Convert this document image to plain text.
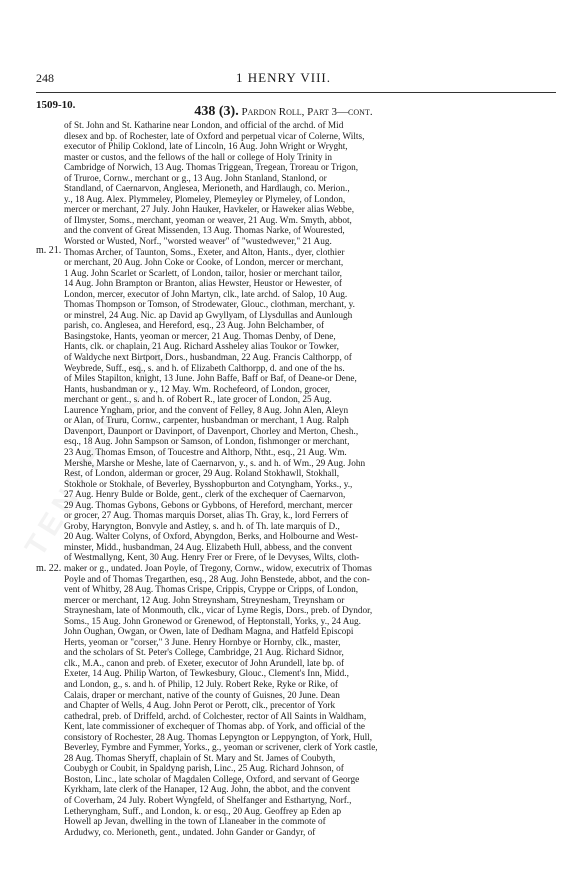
248	1 HENRY VIII.
1509-10.	438 (3). Pardon Roll, Part 3—cont.
m. 21.
m. 22.
of St. John and St. Katharine near London, and official of the archd. of Mid
dlesex and bp. of Rochester, late of Oxford and perpetual vicar of Colerne, Wilts,
executor of Philip Coklond, late of Lincoln, 16 Aug. John Wright or Wryght,
master or custos, and the fellows of the hall or college of Holy Trinity in
Cambridge of Norwich, 13 Aug. Thomas Triggean, Tregean, Troreau or Trigon,
of Truroe, Cornw., merchant or g., 13 Aug. John Stanland, Stanlond, or
Standland, of Caernarvon, Anglesea, Merioneth, and Hardlaugh, co. Merion.,
y., 18 Aug. Alex. Plymmeley, Plomeley, Plemeyley or Plymeley, of London,
mercer or merchant, 27 July. John Hauker, Havkeler, or Haweker alias Webbe,
of Ilmyster, Soms., merchant, yeoman or weaver, 21 Aug. Wm. Smyth, abbot,
and the convent of Great Missenden, 13 Aug. Thomas Narke, of Wourested,
Worsted or Wusted, Norf., "worsted weaver" of "wustedwever," 21 Aug.
Thomas Archer, of Taunton, Soms., Exeter, and Alton, Hants., dyer, clothier
or merchant, 20 Aug. John Coke or Cooke, of London, mercer or merchant,
1 Aug. John Scarlet or Scarlett, of London, tailor, hosier or merchant tailor,
14 Aug. John Brampton or Branton, alias Hewster, Heustor or Hewester, of
London, mercer, executor of John Martyn, clk., late archd. of Salop, 10 Aug.
Thomas Thompson or Tomson, of Strodewater, Glouc., clothman, merchant, y.
or minstrel, 24 Aug. Nic. ap David ap Gwyllyam, of Llysdullas and Aunlough
parish, co. Anglesea, and Hereford, esq., 23 Aug. John Belchamber, of
Basingstoke, Hants, yeoman or mercer, 21 Aug. Thomas Denby, of Dene,
Hants, clk. or chaplain, 21 Aug. Richard Assheley alias Toukor or Towker,
of Waldyche next Birtport, Dors., husbandman, 22 Aug. Francis Calthorpp, of
Weybrede, Suff., esq., s. and h. of Elizabeth Calthorpp, d. and one of the hs.
of Miles Stapilton, knight, 13 June. John Baffe, Baff or Baf, of Deane-or Dene,
Hants, husbandman or y., 12 May. Wm. Rochefeord, of London, grocer,
merchant or gent., s. and h. of Robert R., late grocer of London, 25 Aug.
Laurence Yngham, prior, and the convent of Felley, 8 Aug. John Alen, Aleyn
or Alan, of Truru, Cornw., carpenter, husbandman or merchant, 1 Aug. Ralph
Davenport, Daunport or Davinport, of Davenport, Chorley and Merton, Chesh.,
esq., 18 Aug. John Sampson or Samson, of London, fishmonger or merchant,
23 Aug. Thomas Emson, of Toucestre and Althorp, Ntht., esq., 21 Aug. Wm.
Mershe, Marshe or Meshe, late of Caernarvon, y., s. and h. of Wm., 29 Aug. John
Rest, of London, alderman or grocer, 29 Aug. Roland Stokhawll, Stokhall,
Stokhole or Stokhale, of Beverley, Bysshopburton and Cotyngham, Yorks., y.,
27 Aug. Henry Bulde or Bolde, gent., clerk of the exchequer of Caernarvon,
29 Aug. Thomas Gybons, Gebons or Gybbons, of Hereford, merchant, mercer
or grocer, 27 Aug. Thomas marquis Dorset, alias Th. Gray, k., lord Ferrers of
Groby, Haryngton, Bonvyle and Astley, s. and h. of Th. late marquis of D.,
20 Aug. Walter Colyns, of Oxford, Abyngdon, Berks, and Holbourne and West-
minster, Midd., husbandman, 24 Aug. Elizabeth Hull, abbess, and the convent
of Westmallyng, Kent, 30 Aug. Henry Frer or Frere, of le Devyses, Wilts, cloth-
maker or g., undated. Joan Poyle, of Tregony, Cornw., widow, executrix of Thomas
Poyle and of Thomas Tregarthen, esq., 28 Aug. John Benstede, abbot, and the con-
vent of Whitby, 28 Aug. Thomas Crispe, Crippis, Cryppe or Cripps, of London,
mercer or merchant, 12 Aug. John Streynsham, Streynesham, Treynsham or
Straynesham, late of Monmouth, clk., vicar of Lyme Regis, Dors., preb. of Dyndor,
Soms., 15 Aug. John Gronewod or Grenewod, of Heptonstall, Yorks, y., 24 Aug.
John Oughan, Owgan, or Owen, late of Dedham Magna, and Hatfeld Episcopi
Herts, yeoman or "corser," 3 June. Henry Hornbye or Hornby, clk., master,
and the scholars of St. Peter's College, Cambridge, 21 Aug. Richard Sidnor,
clk., M.A., canon and preb. of Exeter, executor of John Arundell, late bp. of
Exeter, 14 Aug. Philip Warton, of Tewkesbury, Glouc., Clement's Inn, Midd.,
and London, g., s. and h. of Philip, 12 July. Robert Reke, Ryke or Rike, of
Calais, draper or merchant, native of the county of Guisnes, 20 June. Dean
and Chapter of Wells, 4 Aug. John Perot or Perott, clk., precentor of York
cathedral, preb. of Driffeld, archd. of Colchester, rector of All Saints in Waldham,
Kent, late commissioner of exchequer of Thomas abp. of York, and official of the
consistory of Rochester, 28 Aug. Thomas Lepyngton or Leppyngton, of York, Hull,
Beverley, Fymbre and Fymmer, Yorks., g., yeoman or scrivener, clerk of York castle,
28 Aug. Thomas Sheryff, chaplain of St. Mary and St. James of Coubyth,
Coubygh or Coubit, in Spaldyng parish, Linc., 25 Aug. Richard Johnson, of
Boston, Linc., late scholar of Magdalen College, Oxford, and servant of George
Kyrkham, late clerk of the Hanaper, 12 Aug. John, the abbot, and the convent
of Coverham, 24 July. Robert Wyngfeld, of Shelfanger and Esthartyng, Norf.,
Letheryngham, Suff., and London, k. or esq., 20 Aug. Geoffrey ap Eden ap
Howell ap Jevan, dwelling in the town of Llaneaber in the commote of
Ardudwy, co. Merioneth, gent., undated. John Gander or Gandyr, of
